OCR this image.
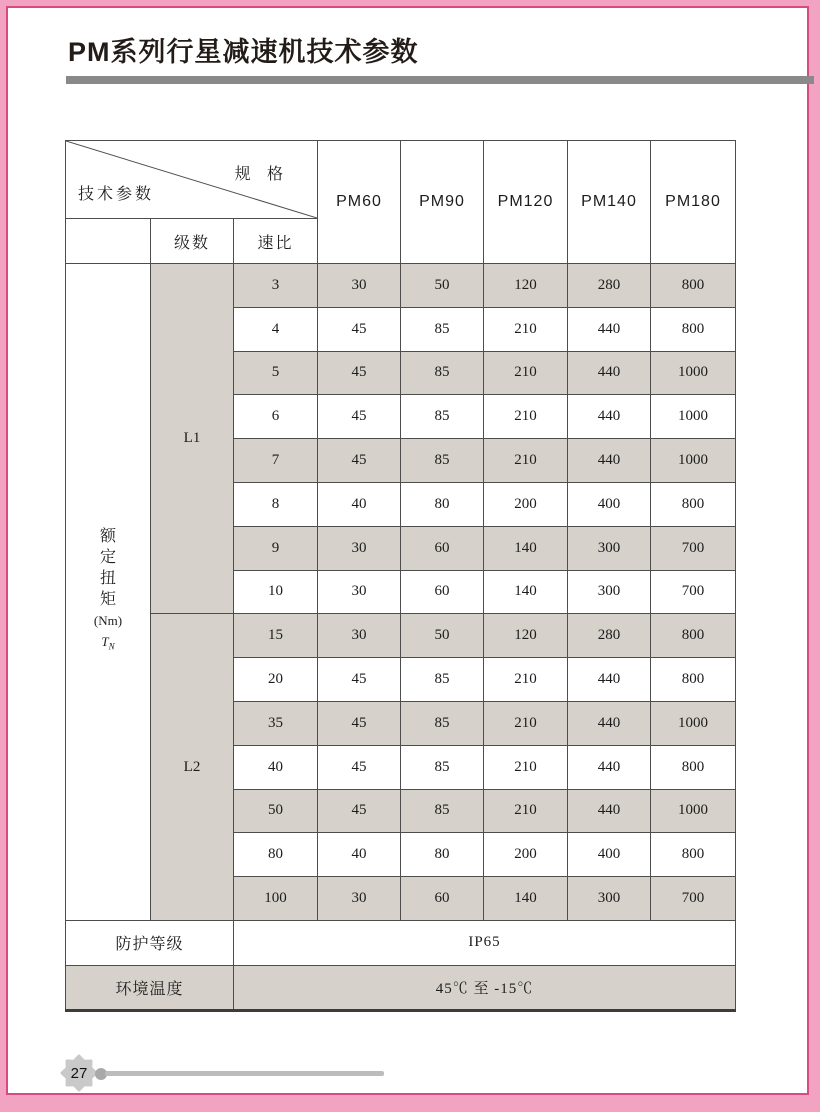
PM系列行星减速机技术参数
规 格
技术参数			PM60	PM90	PM120	PM140	PM180
	级数	速比					

额
定
扭
矩
(Nm)
$T_N$
	L1	3	30	50	120	280	800
		4	45	85	210	440	800
		5	45	85	210	440	1000
		6	45	85	210	440	1000
		7	45	85	210	440	1000
		8	40	80	200	400	800
		9	30	60	140	300	700
		10	30	60	140	300	700
	L2	15	30	50	120	280	800
		20	45	85	210	440	800
		35	45	85	210	440	1000
		40	45	85	210	440	800
		50	45	85	210	440	1000
		80	40	80	200	400	800
		100	30	60	140	300	700
防护等级		IP65					
环境温度		45℃ 至 -15℃					
27
